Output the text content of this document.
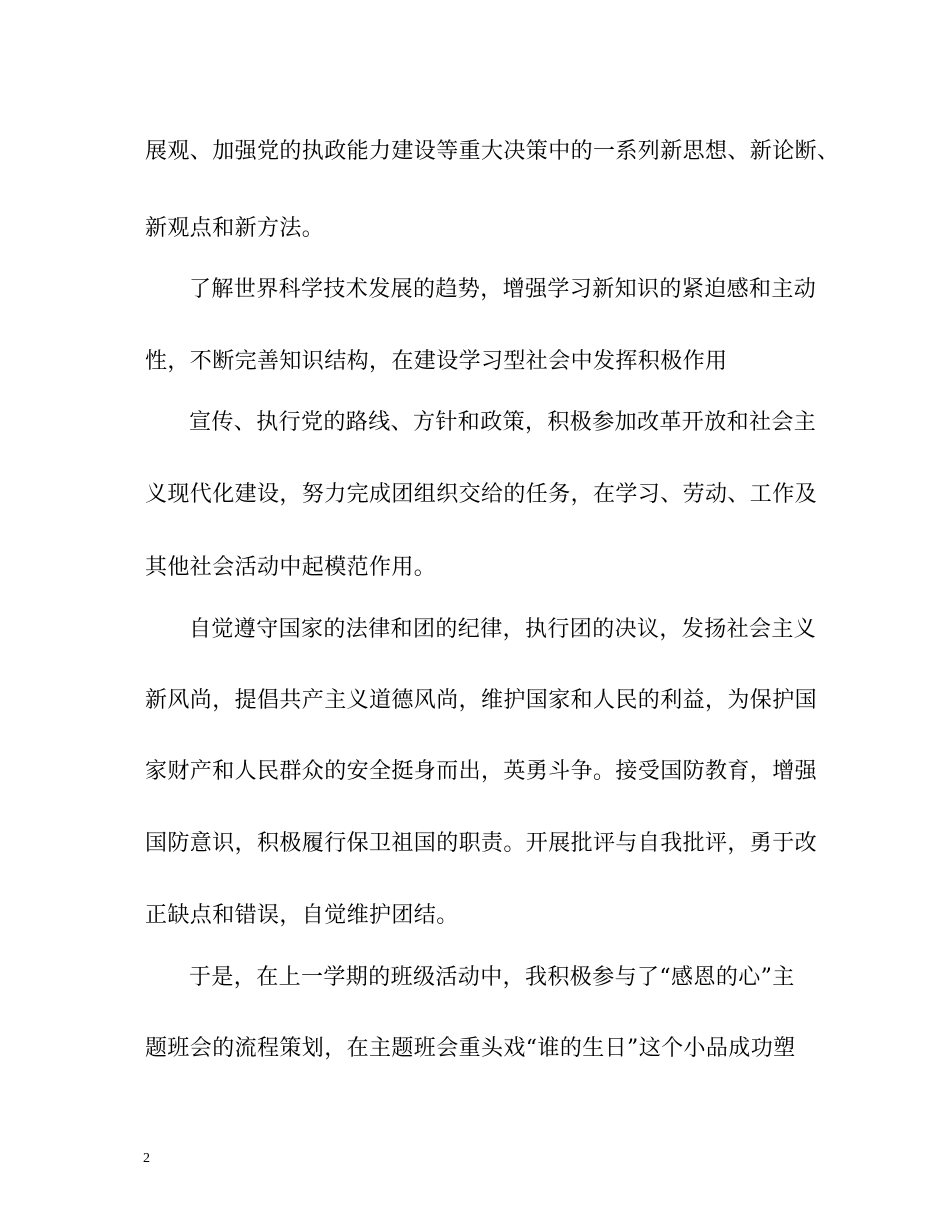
展观、加强党的执政能力建设等重大决策中的一系列新思想、新论断、
新观点和新方法。
了解世界科学技术发展的趋势，增强学习新知识的紧迫感和主动
性，不断完善知识结构，在建设学习型社会中发挥积极作用
宣传、执行党的路线、方针和政策，积极参加改革开放和社会主
义现代化建设，努力完成团组织交给的任务，在学习、劳动、工作及
其他社会活动中起模范作用。
自觉遵守国家的法律和团的纪律，执行团的决议，发扬社会主义
新风尚，提倡共产主义道德风尚，维护国家和人民的利益，为保护国
家财产和人民群众的安全挺身而出，英勇斗争。接受国防教育，增强
国防意识，积极履行保卫祖国的职责。开展批评与自我批评，勇于改
正缺点和错误，自觉维护团结。
于是，在上一学期的班级活动中，我积极参与了“感恩的心”主
题班会的流程策划，在主题班会重头戏“谁的生日”这个小品成功塑
2
